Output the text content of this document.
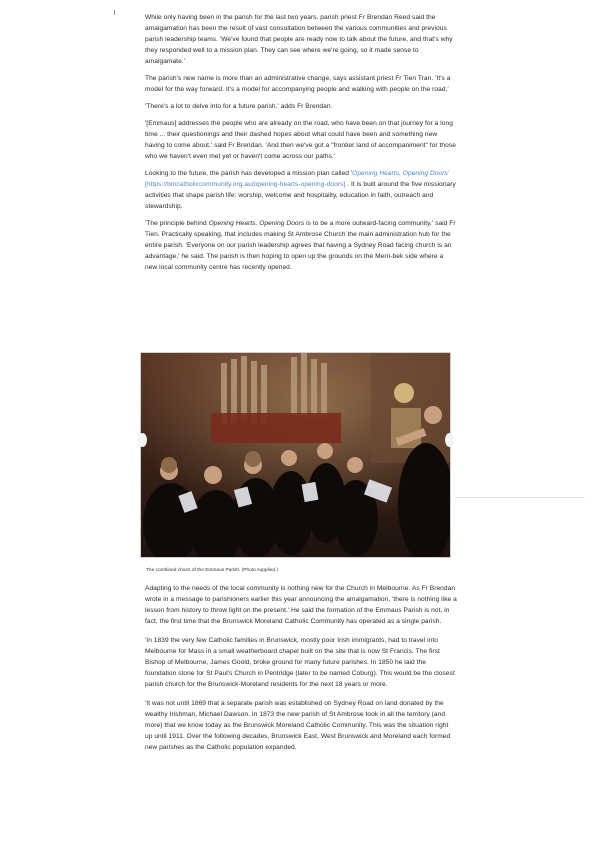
While only having been in the parish for the last two years, parish priest Fr Brendan Reed said the amalgamation has been the result of vast consultation between the various communities and previous parish leadership teams. 'We've found that people are ready now to talk about the future, and that's why they responded well to a mission plan. They can see where we're going, so it made sense to amalgamate.'

The parish's new name is more than an administrative change, says assistant priest Fr Tien Tran. 'It's a model for the way forward. It's a model for accompanying people and walking with people on the road.'

'There's a lot to delve into for a future parish,' adds Fr Brendan.

'[Emmaus] addresses the people who are already on the road, who have been on that journey for a long time ... their questionings and their dashed hopes about what could have been and something new having to come about,' said Fr Brendan. 'And then we've got a "frontier land of accompaniment" for those who we haven't even met yet or haven't come across our paths.'

Looking to the future, the parish has developed a mission plan called 'Opening Hearts, Opening Doors' [https://bmcatholiccommunity.org.au/opening-hearts-opening-doors] . It is built around the five missionary activities that shape parish life: worship, welcome and hospitality, education in faith, outreach and stewardship.

'The principle behind Opening Hearts, Opening Doors is to be a more outward-facing community,' said Fr Tien. Practically speaking, that includes making St Ambrose Church the main administration hub for the entire parish. 'Everyone on our parish leadership agrees that having a Sydney Road facing church is an advantage,' he said. The parish is then hoping to open up the grounds on the Merri-bek side where a new local community centre has recently opened.

The combined choirs of the Emmaus Parish. (Photo supplied.)

Adapting to the needs of the local community is nothing new for the Church in Melbourne. As Fr Brendan wrote in a message to parishioners earlier this year announcing the amalgamation, 'there is nothing like a lesson from history to throw light on the present.' He said the formation of the Emmaus Parish is not, in fact, the first time that the Brunswick Moreland Catholic Community has operated as a single parish.

'In 1839 the very few Catholic families in Brunswick, mostly poor Irish immigrants, had to travel into Melbourne for Mass in a small weatherboard chapel built on the site that is now St Francis. The first Bishop of Melbourne, James Goold, broke ground for many future parishes. In 1850 he laid the foundation stone for St Paul's Church in Pentridge (later to be named Coburg). This would be the closest parish church for the Brunswick-Moreland residents for the next 18 years or more.

'It was not until 1869 that a separate parish was established on Sydney Road on land donated by the wealthy Irishman, Michael Dawson. In 1873 the new parish of St Ambrose took in all the territory (and more) that we know today as the Brunswick Moreland Catholic Community. This was the situation right up until 1911. Over the following decades, Brunswick East, West Brunswick and Moreland each formed new parishes as the Catholic population expanded.
